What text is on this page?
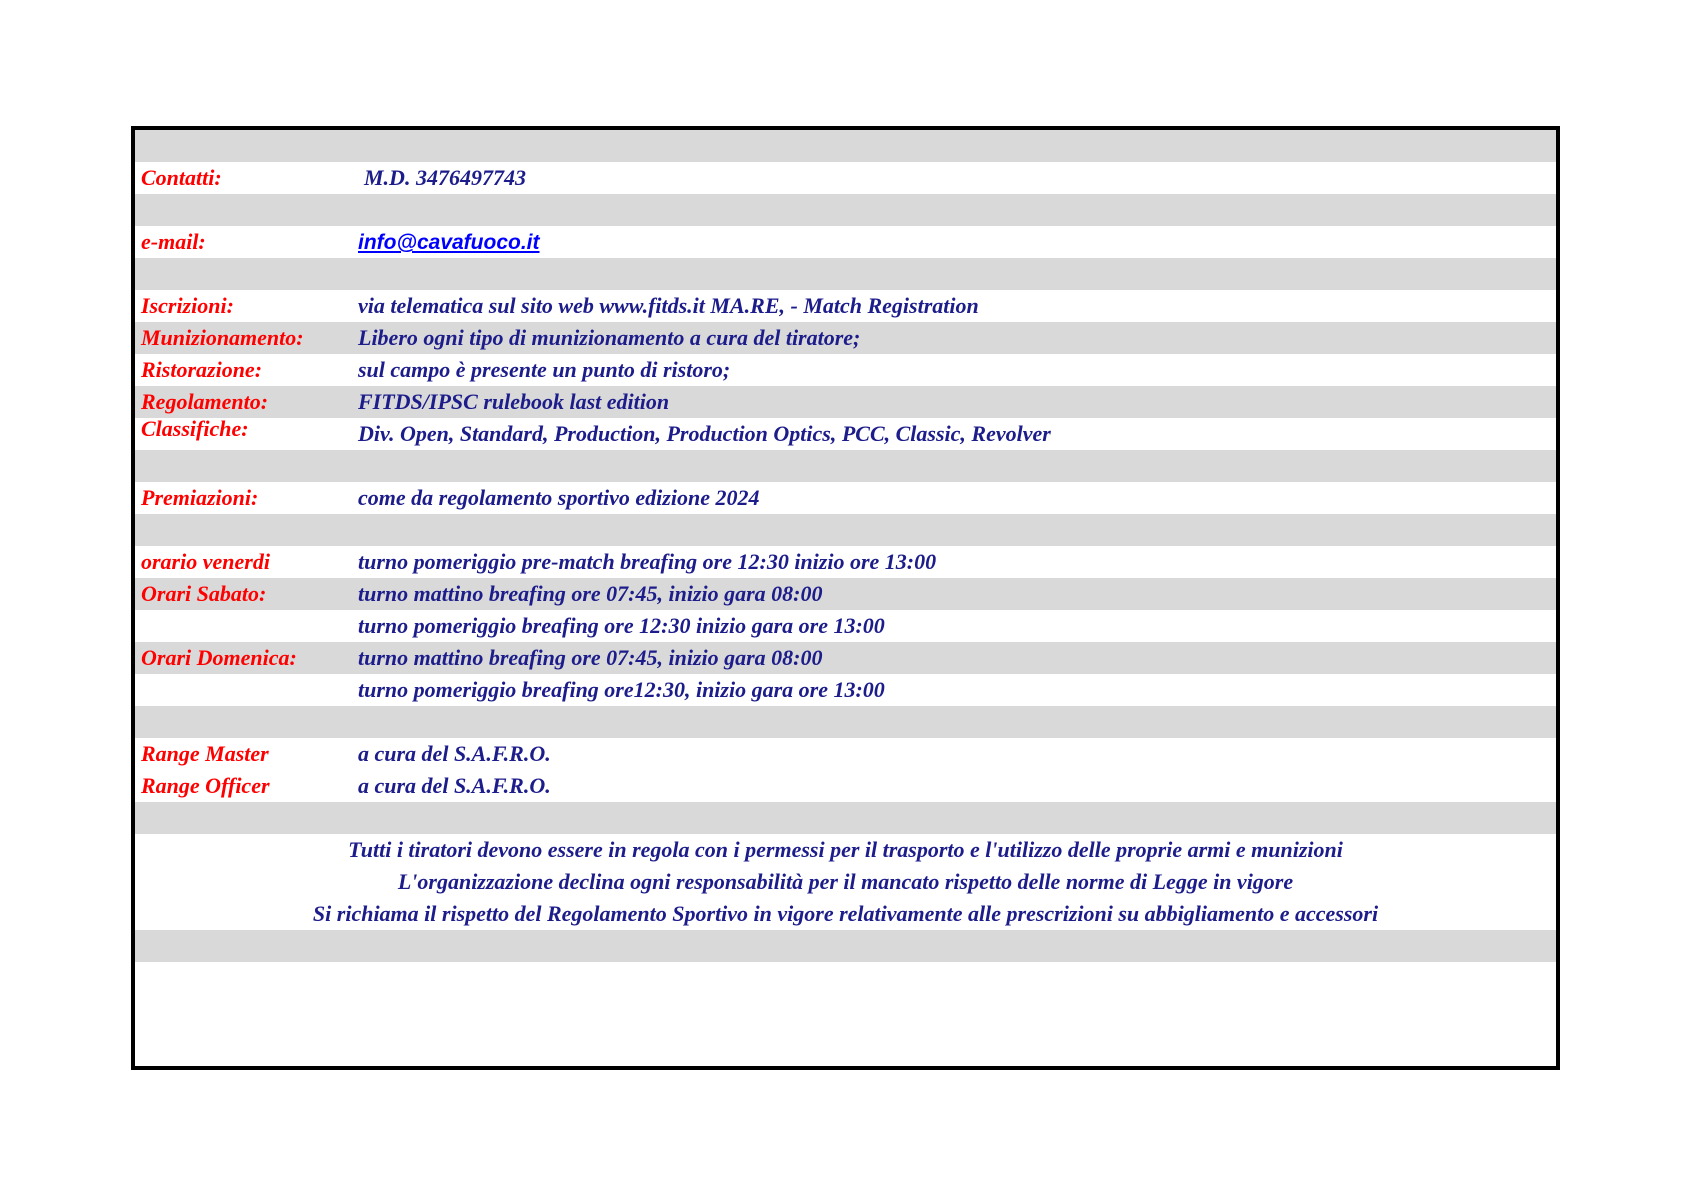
Contatti:	M.D. 3476497743
e-mail:	info@cavafuoco.it
Iscrizioni:	via telematica sul sito web www.fitds.it MA.RE, - Match Registration
Munizionamento: Libero ogni tipo di munizionamento a cura del tiratore;
Ristorazione:	sul campo è presente un punto di ristoro;
Regolamento:	FITDS/IPSC rulebook last edition
Classifiche:	Div. Open, Standard, Production, Production Optics, PCC, Classic, Revolver
Premiazioni:	come da regolamento sportivo edizione 2024
orario venerdi	turno pomeriggio pre-match breafing ore 12:30 inizio ore 13:00
Orari Sabato:	turno mattino breafing ore 07:45, inizio gara 08:00
turno pomeriggio breafing ore 12:30 inizio gara ore 13:00
Orari Domenica:	turno mattino breafing ore 07:45, inizio gara 08:00
turno pomeriggio breafing ore12:30, inizio gara ore 13:00
Range Master	a cura del S.A.F.R.O.
Range Officer	a cura del S.A.F.R.O.
Tutti i tiratori devono essere in regola con i permessi per il trasporto e l'utilizzo delle proprie armi e munizioni
L'organizzazione declina ogni responsabilità per il mancato rispetto delle norme di Legge in vigore
Si richiama il rispetto del Regolamento Sportivo in vigore relativamente alle prescrizioni su abbigliamento e accessori
